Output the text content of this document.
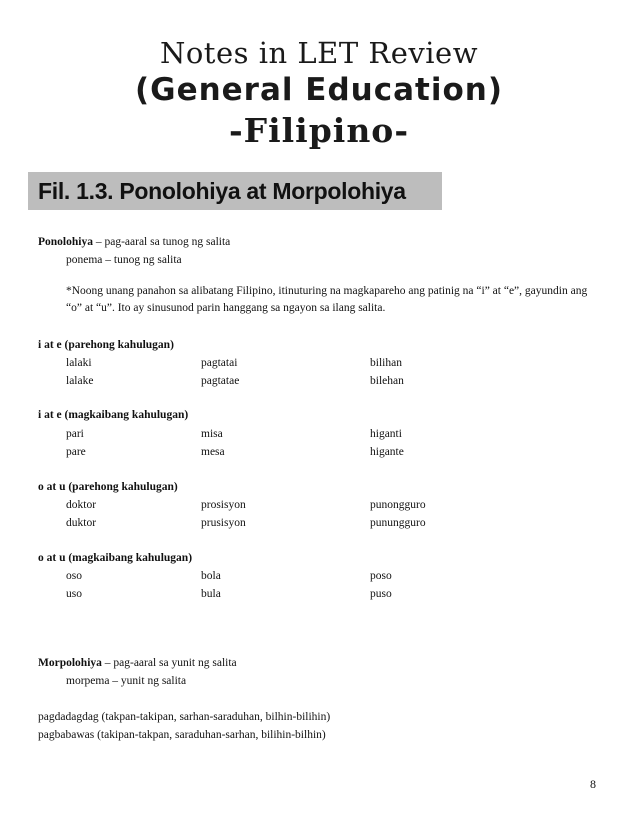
Notes in LET Review
(General Education)
-Filipino-
Fil. 1.3. Ponolohiya at Morpolohiya
Ponolohiya – pag-aaral sa tunog ng salita
ponema – tunog ng salita
*Noong unang panahon sa alibatang Filipino, itinuturing na magkapareho ang patinig na “i” at “e”, gayundin ang “o” at “u”. Ito ay sinusunod parin hanggang sa ngayon sa ilang salita.
i at e (parehong kahulugan)
lalaki	pagtatai	bilihan
lalake	pagtatae	bilehan
i at e (magkaibang kahulugan)
pari	misa	higanti
pare	mesa	higante
o at u (parehong kahulugan)
doktor	prosisyon	punongguro
duktor	prusisyon	punungguro
o at u (magkaibang kahulugan)
oso	bola	poso
uso	bula	puso
Morpolohiya – pag-aaral sa yunit ng salita
morpema – yunit ng salita
pagdadagdag (takpan-takipan, sarhan-saraduhan, bilhin-bilihin)
pagbabawas (takipan-takpan, saraduhan-sarhan, bilihin-bilhin)
8
